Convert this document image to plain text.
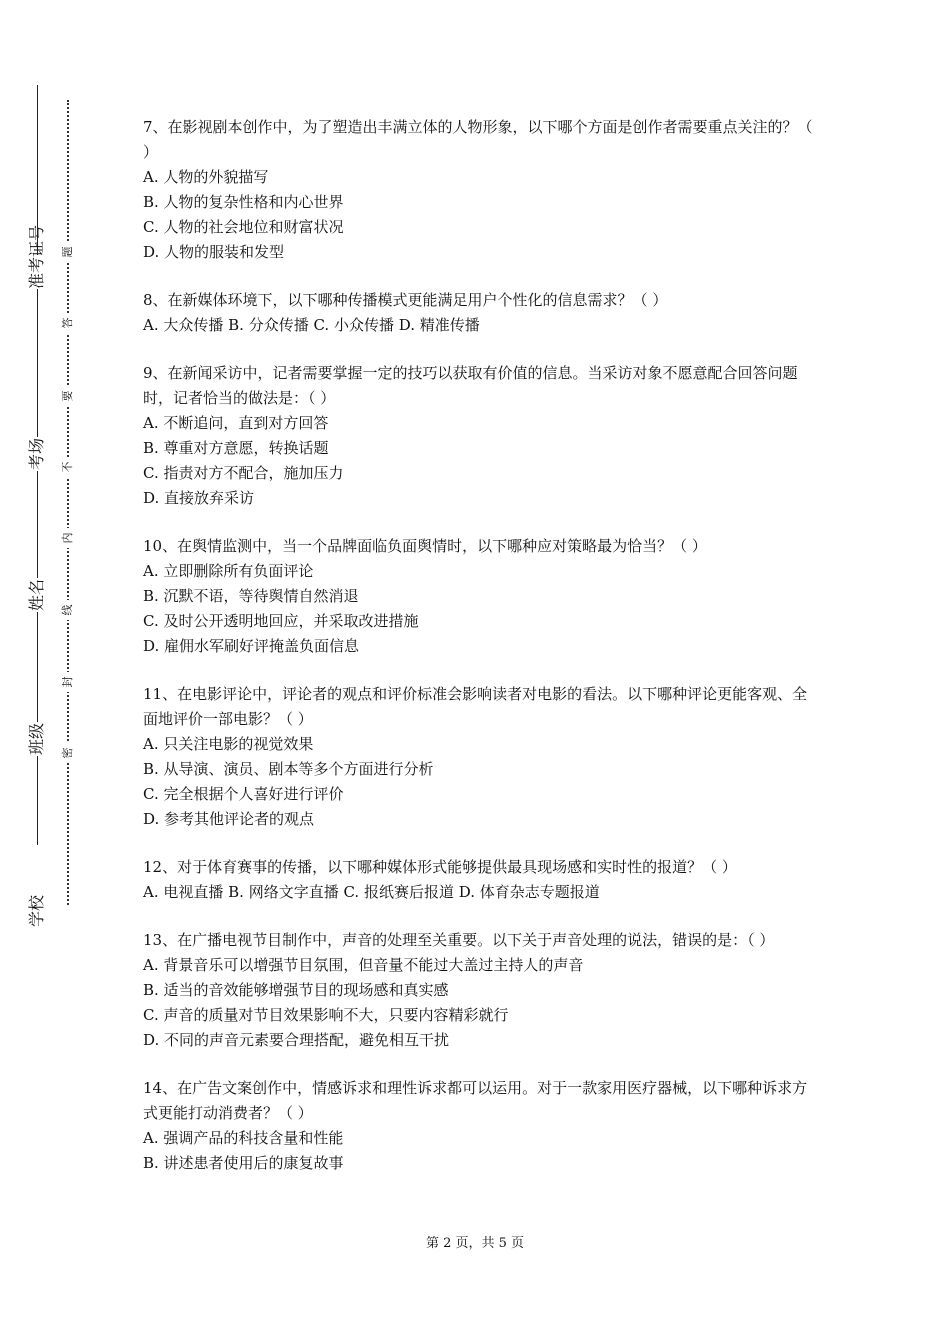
准考证号
考场
姓名
班级
学校
题
答
要
不
内
线
封
密
7、在影视剧本创作中，为了塑造出丰满立体的人物形象，以下哪个方面是创作者需要重点关注的？（ ）
A. 人物的外貌描写
B. 人物的复杂性格和内心世界
C. 人物的社会地位和财富状况
D. 人物的服装和发型
8、在新媒体环境下，以下哪种传播模式更能满足用户个性化的信息需求？（ ）
A. 大众传播 B. 分众传播 C. 小众传播 D. 精准传播
9、在新闻采访中，记者需要掌握一定的技巧以获取有价值的信息。当采访对象不愿意配合回答问题时，记者恰当的做法是：（ ）
A. 不断追问，直到对方回答
B. 尊重对方意愿，转换话题
C. 指责对方不配合，施加压力
D. 直接放弃采访
10、在舆情监测中，当一个品牌面临负面舆情时，以下哪种应对策略最为恰当？（ ）
A. 立即删除所有负面评论
B. 沉默不语，等待舆情自然消退
C. 及时公开透明地回应，并采取改进措施
D. 雇佣水军刷好评掩盖负面信息
11、在电影评论中，评论者的观点和评价标准会影响读者对电影的看法。以下哪种评论更能客观、全面地评价一部电影？（ ）
A. 只关注电影的视觉效果
B. 从导演、演员、剧本等多个方面进行分析
C. 完全根据个人喜好进行评价
D. 参考其他评论者的观点
12、对于体育赛事的传播，以下哪种媒体形式能够提供最具现场感和实时性的报道？（ ）
A. 电视直播 B. 网络文字直播 C. 报纸赛后报道 D. 体育杂志专题报道
13、在广播电视节目制作中，声音的处理至关重要。以下关于声音处理的说法，错误的是：（ ）
A. 背景音乐可以增强节目氛围，但音量不能过大盖过主持人的声音
B. 适当的音效能够增强节目的现场感和真实感
C. 声音的质量对节目效果影响不大，只要内容精彩就行
D. 不同的声音元素要合理搭配，避免相互干扰
14、在广告文案创作中，情感诉求和理性诉求都可以运用。对于一款家用医疗器械，以下哪种诉求方式更能打动消费者？（ ）
A. 强调产品的科技含量和性能
B. 讲述患者使用后的康复故事
第 2 页，共 5 页
